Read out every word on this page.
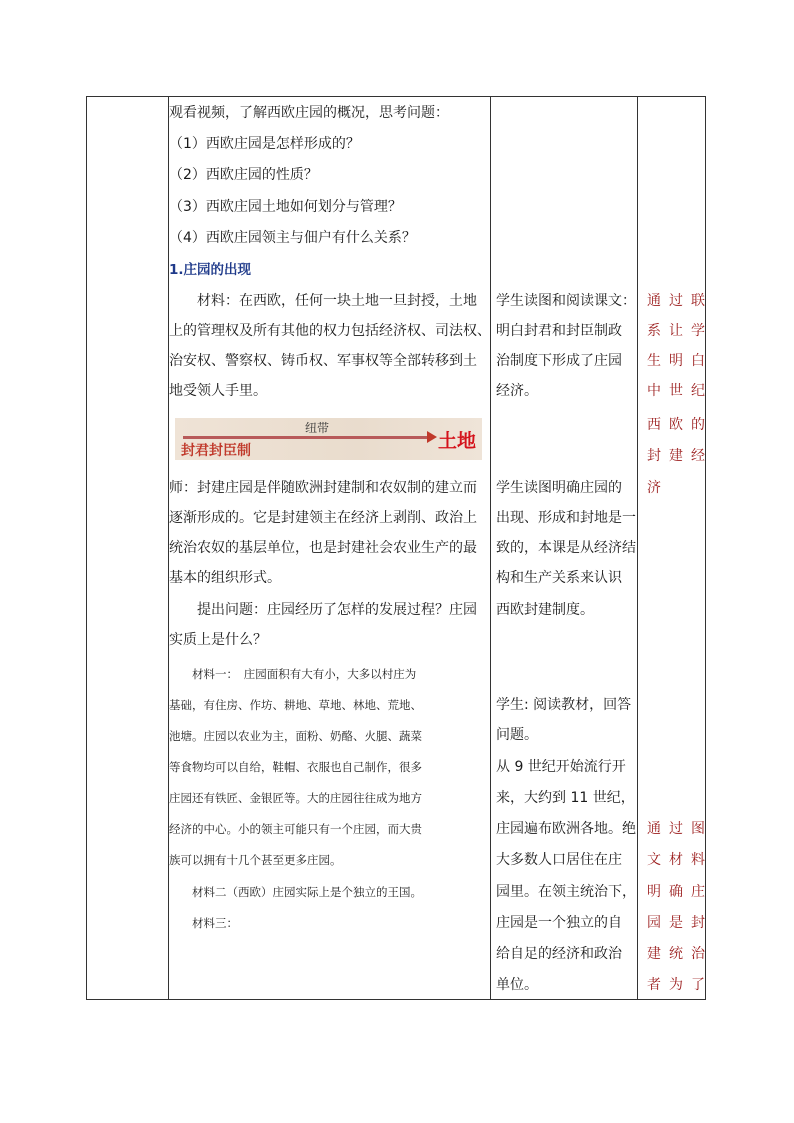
观看视频，了解西欧庄园的概况，思考问题：
（1）西欧庄园是怎样形成的？
（2）西欧庄园的性质？
（3）西欧庄园土地如何划分与管理？
（4）西欧庄园领主与佃户有什么关系？
1.庄园的出现
　　材料：在西欧，任何一块土地一旦封授，土地
上的管理权及所有其他的权力包括经济权、司法权、
治安权、警察权、铸币权、军事权等全部转移到土
地受领人手里。
师：封建庄园是伴随欧洲封建制和农奴制的建立而
逐渐形成的。它是封建领主在经济上剥削、政治上
统治农奴的基层单位，也是封建社会农业生产的最
基本的组织形式。
　　提出问题：庄园经历了怎样的发展过程？庄园
实质上是什么？
　　材料一：　庄园面积有大有小，大多以村庄为
基础，有住房、作坊、耕地、草地、林地、荒地、
池塘。庄园以农业为主，面粉、奶酪、火腿、蔬菜
等食物均可以自给，鞋帽、衣服也自己制作，很多
庄园还有铁匠、金银匠等。大的庄园往往成为地方
经济的中心。小的领主可能只有一个庄园，而大贵
族可以拥有十几个甚至更多庄园。
　　材料二（西欧）庄园实际上是个独立的王国。
　　材料三：
学生读图和阅读课文：
明白封君和封臣制政
治制度下形成了庄园
经济。
学生读图明确庄园的
出现、形成和封地是一
致的，本课是从经济结
构和生产关系来认识
西欧封建制度。
学生: 阅读教材，回答
问题。
从 9 世纪开始流行开
来，大约到 11 世纪，
庄园遍布欧洲各地。绝
大多数人口居住在庄
园里。在领主统治下，
庄园是一个独立的自
给自足的经济和政治
单位。
通 过 联
系 让 学
生 明 白
中 世 纪
西 欧 的
封 建 经
济
通 过 图
文 材 料
明 确 庄
园 是 封
建 统 治
者 为 了
纽带
封君封臣制	土地
